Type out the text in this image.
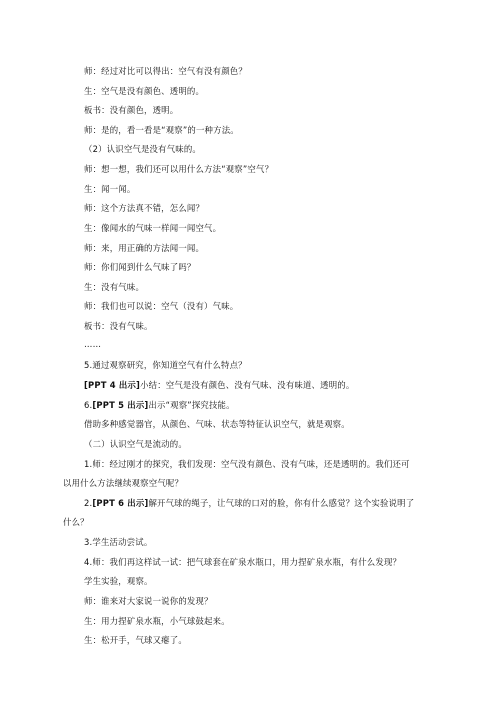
师：经过对比可以得出：空气有没有颜色？
生：空气是没有颜色、透明的。
板书：没有颜色，透明。
师：是的，看一看是“观察”的一种方法。
（2）认识空气是没有气味的。
师：想一想，我们还可以用什么方法“观察”空气？
生：闻一闻。
师：这个方法真不错，怎么闻？
生：像闻水的气味一样闻一闻空气。
师：来，用正确的方法闻一闻。
师：你们闻到什么气味了吗？
生：没有气味。
师：我们也可以说：空气（没有）气味。
板书：没有气味。
……
5.通过观察研究，你知道空气有什么特点？
[PPT 4 出示]小结：空气是没有颜色、没有气味、没有味道、透明的。
6.[PPT 5 出示]出示“观察”探究技能。
借助多种感觉器官，从颜色、气味、状态等特征认识空气，就是观察。
（二）认识空气是流动的。
1.师：经过刚才的探究，我们发现：空气没有颜色、没有气味，还是透明的。我们还可
以用什么方法继续观察空气呢？
2.[PPT 6 出示]解开气球的绳子，让气球的口对的脸，你有什么感觉？这个实验说明了
什么？
3.学生活动尝试。
4.师：我们再这样试一试：把气球套在矿泉水瓶口，用力捏矿泉水瓶，有什么发现？
学生实验，观察。
师：谁来对大家说一说你的发现？
生：用力捏矿泉水瓶，小气球鼓起来。
生：松开手，气球又瘪了。
